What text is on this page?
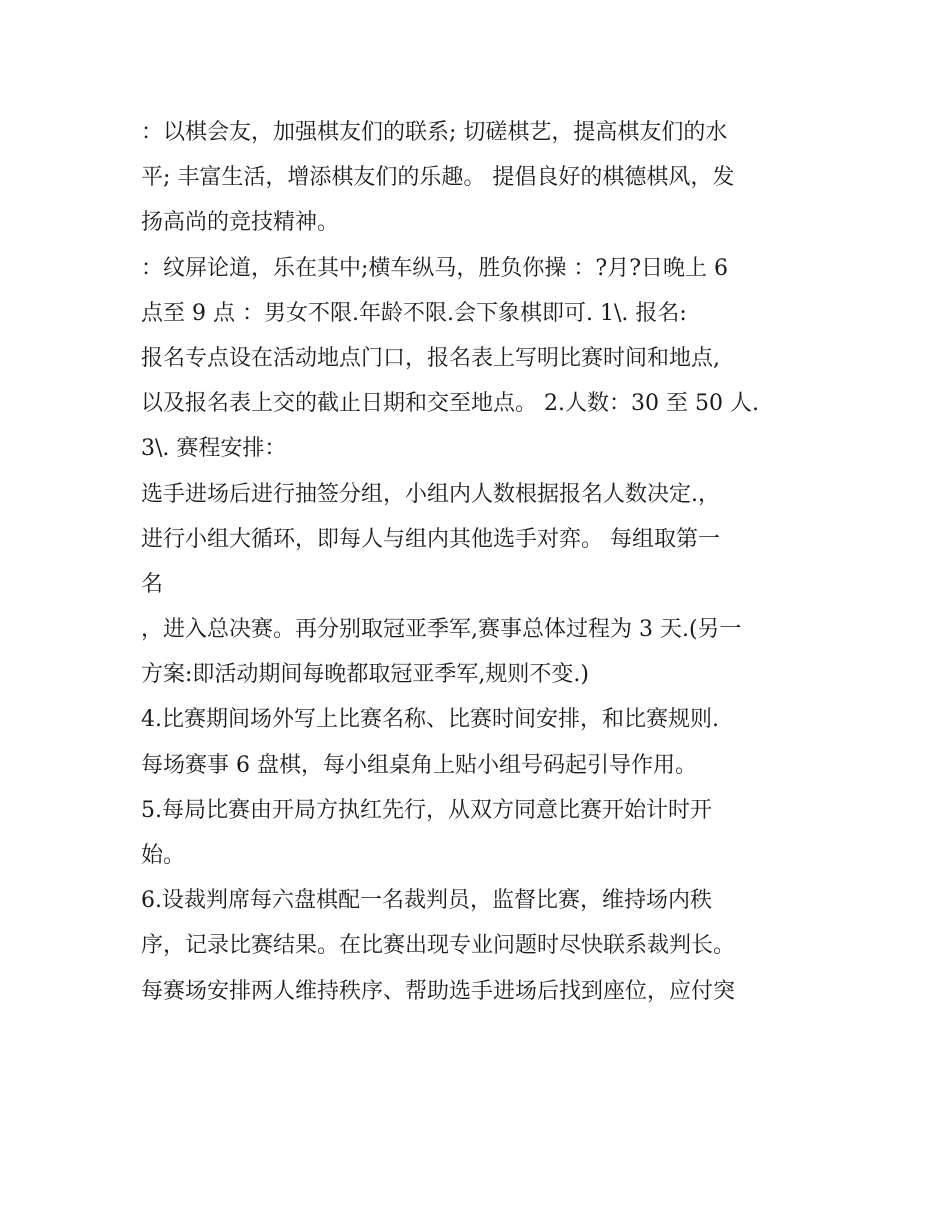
：以棋会友，加强棋友们的联系; 切磋棋艺，提高棋友们的水
平; 丰富生活，增添棋友们的乐趣。 提倡良好的棋德棋风，发
扬高尚的竞技精神。
：纹屏论道，乐在其中;横车纵马，胜负你操 ：?月?日晚上 6
点至 9 点 ：男女不限.年龄不限.会下象棋即可. 1\. 报名:
报名专点设在活动地点门口，报名表上写明比赛时间和地点,
以及报名表上交的截止日期和交至地点。 2.人数：30 至 50 人.
3\. 赛程安排：
选手进场后进行抽签分组，小组内人数根据报名人数决定.，
进行小组大循环，即每人与组内其他选手对弈。 每组取第一
名
，进入总决赛。再分别取冠亚季军,赛事总体过程为 3 天.(另一
方案:即活动期间每晚都取冠亚季军,规则不变.)
4.比赛期间场外写上比赛名称、比赛时间安排，和比赛规则.
每场赛事 6 盘棋，每小组桌角上贴小组号码起引导作用。
5.每局比赛由开局方执红先行，从双方同意比赛开始计时开
始。
6.设裁判席每六盘棋配一名裁判员，监督比赛，维持场内秩
序，记录比赛结果。在比赛出现专业问题时尽快联系裁判长。
每赛场安排两人维持秩序、帮助选手进场后找到座位，应付突
